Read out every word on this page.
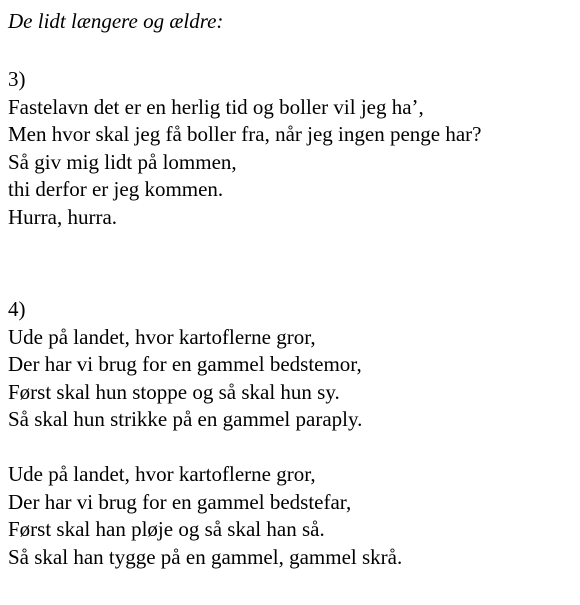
De lidt længere og ældre:
3)
Fastelavn det er en herlig tid og boller vil jeg ha’,
Men hvor skal jeg få boller fra, når jeg ingen penge har?
Så giv mig lidt på lommen,
thi derfor er jeg kommen.
Hurra, hurra.
4)
Ude på landet, hvor kartoflerne gror,
Der har vi brug for en gammel bedstemor,
Først skal hun stoppe og så skal hun sy.
Så skal hun strikke på en gammel paraply.
Ude på landet, hvor kartoflerne gror,
Der har vi brug for en gammel bedstefar,
Først skal han pløje og så skal han så.
Så skal han tygge på en gammel, gammel skrå.
